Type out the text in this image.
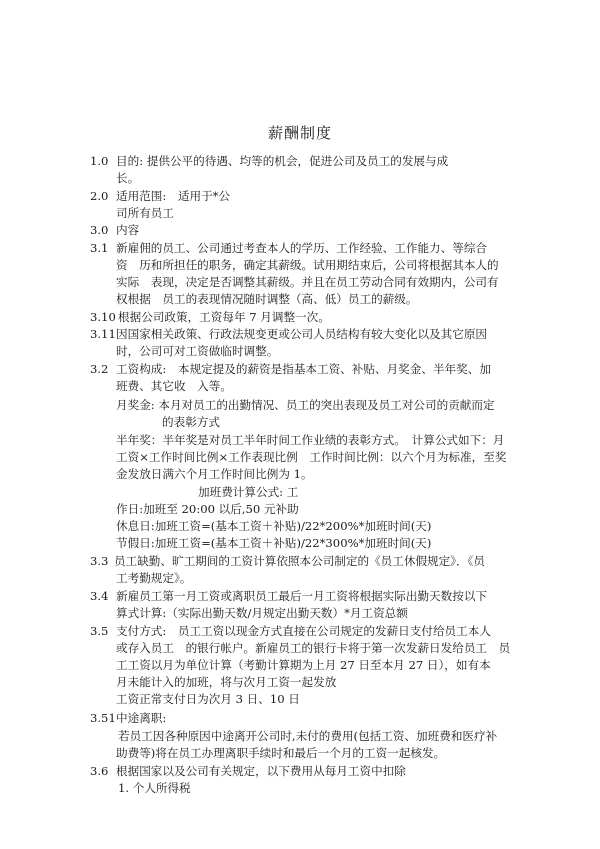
薪酬制度
1.0 目的: 提供公平的待遇、均等的机会，促进公司及员工的发展与成
长。
2.0 适用范围:　适用于*公
司所有员工
3.0 内容
3.1 新雇佣的员工、公司通过考查本人的学历、工作经验、工作能力、等综合
资　历和所担任的职务，确定其薪级。试用期结束后，公司将根据其本人的
实际　表现，决定是否调整其薪级。并且在员工劳动合同有效期内，公司有
权根据　员工的表现情况随时调整（高、低）员工的薪级。
3.10 根据公司政策，工资每年 7 月调整一次。
3.11 因国家相关政策、行政法规变更或公司人员结构有较大变化以及其它原因
时，公司可对工资做临时调整。
3.2 工资构成:　本规定提及的薪资是指基本工资、补贴、月奖金、半年奖、加
班费、其它收　入等。
月奖金: 本月对员工的出勤情况、员工的突出表现及员工对公司的贡献而定
的表彰方式
半年奖：半年奖是对员工半年时间工作业绩的表彰方式。　计算公式如下：月
工资×工作时间比例×工作表现比例　工作时间比例：以六个月为标准，至奖
金发放日满六个月工作时间比例为 1。
加班费计算公式: 工
作日:加班至 20:00 以后,50 元补助
休息日:加班工资=(基本工资＋补贴)/22*200%*加班时间(天)
节假日:加班工资=(基本工资＋补贴)/22*300%*加班时间(天)
3.3 员工缺勤、旷工期间的工资计算依照本公司制定的《员工休假规定》．《员
工考勤规定》。
3.4 新雇员工第一月工资或离职员工最后一月工资将根据实际出勤天数按以下
算式计算:（实际出勤天数/月规定出勤天数）*月工资总额
3.5 支付方式:　员工工资以现金方式直接在公司规定的发薪日支付给员工本人
或存入员工　的银行帐户。新雇员工的银行卡将于第一次发薪日发给员工　员
工工资以月为单位计算（考勤计算期为上月 27 日至本月 27 日），如有本
月未能计入的加班，将与次月工资一起发放
工资正常支付日为次月 3 日、10 日
3.51 中途离职:
若员工因各种原因中途离开公司时,未付的费用(包括工资、加班费和医疗补
助费等)将在员工办理离职手续时和最后一个月的工资一起核发。
3.6 根据国家以及公司有关规定，以下费用从每月工资中扣除
1. 个人所得税
